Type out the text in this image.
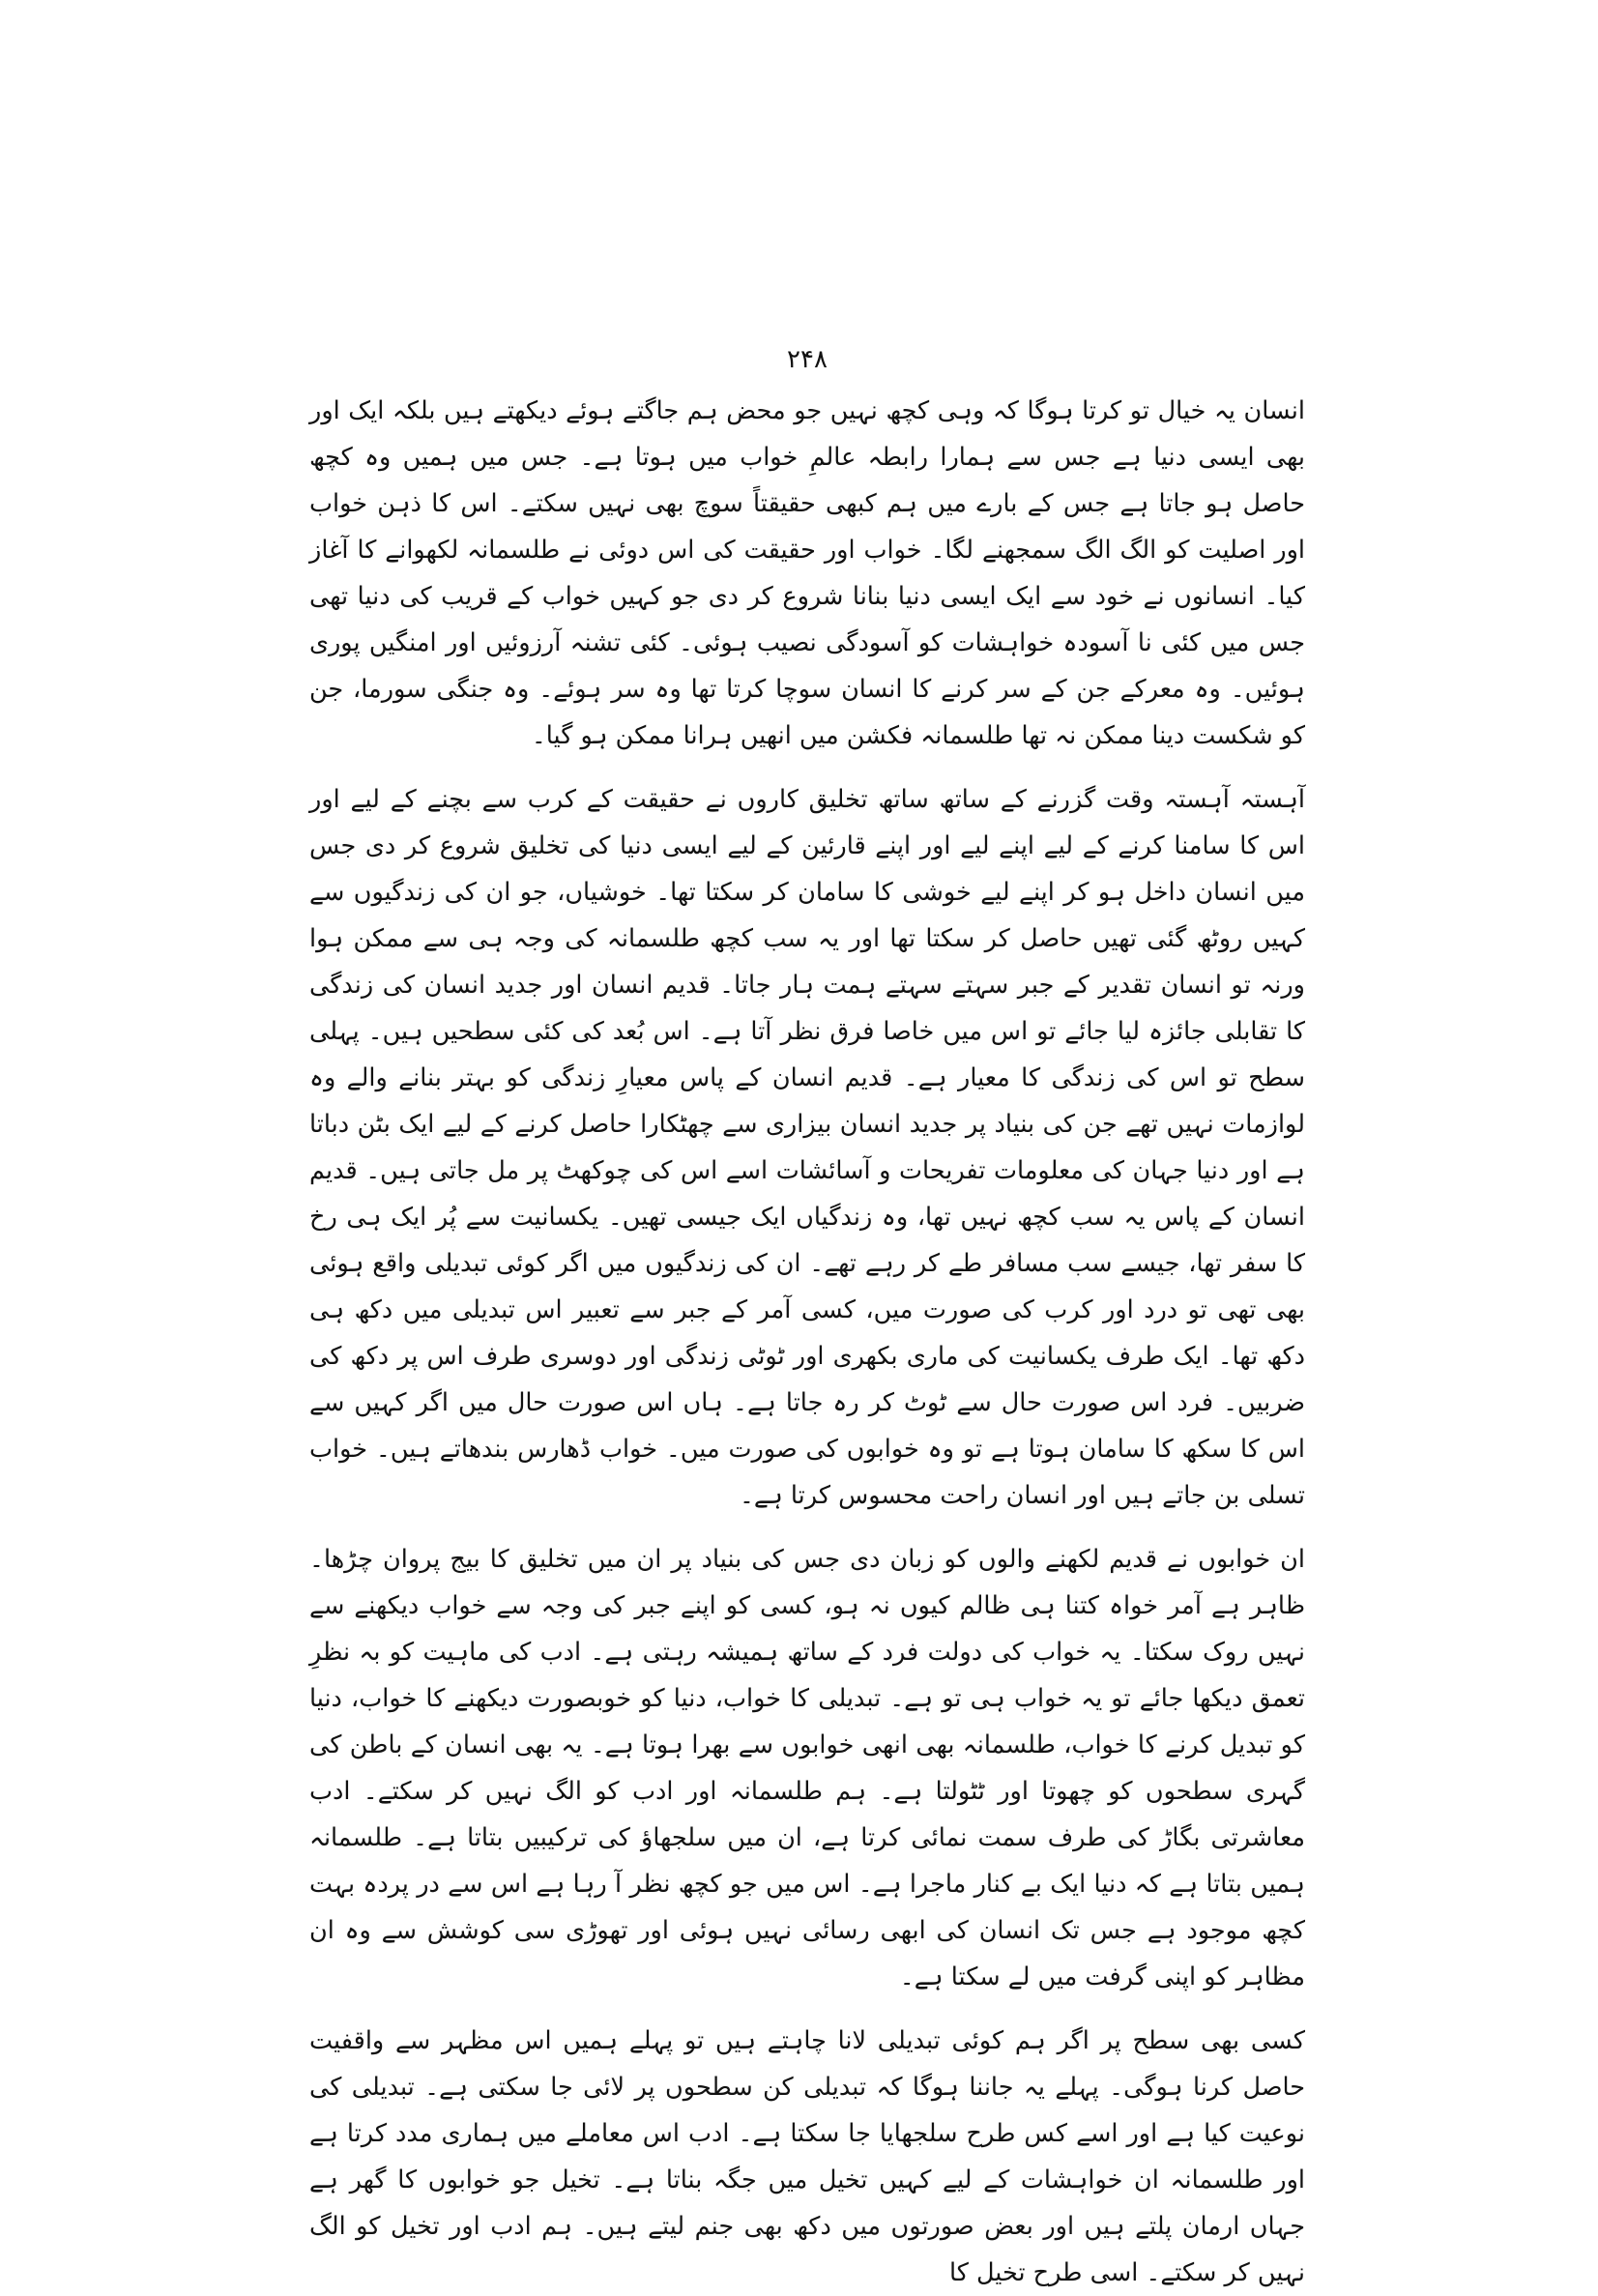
۲۴۸

انسان یہ خیال تو کرتا ہوگا کہ وہی کچھ نہیں جو محض ہم جاگتے ہوئے دیکھتے ہیں بلکہ ایک اور بھی ایسی دنیا ہے جس سے ہمارا رابطہ عالمِ خواب میں ہوتا ہے۔ جس میں ہمیں وہ کچھ حاصل ہو جاتا ہے جس کے بارے میں ہم کبھی حقیقتاً سوچ بھی نہیں سکتے۔ اس کا ذہن خواب اور اصلیت کو الگ الگ سمجھنے لگا۔ خواب اور حقیقت کی اس دوئی نے طلسمانہ لکھوانے کا آغاز کیا۔ انسانوں نے خود سے ایک ایسی دنیا بنانا شروع کر دی جو کہیں خواب کے قریب کی دنیا تھی جس میں کئی نا آسودہ خواہشات کو آسودگی نصیب ہوئی۔ کئی تشنہ آرزوئیں اور امنگیں پوری ہوئیں۔ وہ معرکے جن کے سر کرنے کا انسان سوچا کرتا تھا وہ سر ہوئے۔ وہ جنگی سورما، جن کو شکست دینا ممکن نہ تھا طلسمانہ فکشن میں انھیں ہرانا ممکن ہو گیا۔

آہستہ آہستہ وقت گزرنے کے ساتھ ساتھ تخلیق کاروں نے حقیقت کے کرب سے بچنے کے لیے اور اس کا سامنا کرنے کے لیے اپنے لیے اور اپنے قارئین کے لیے ایسی دنیا کی تخلیق شروع کر دی جس میں انسان داخل ہو کر اپنے لیے خوشی کا سامان کر سکتا تھا۔ خوشیاں، جو ان کی زندگیوں سے کہیں روٹھ گئی تھیں حاصل کر سکتا تھا اور یہ سب کچھ طلسمانہ کی وجہ ہی سے ممکن ہوا ورنہ تو انسان تقدیر کے جبر سہتے سہتے ہمت ہار جاتا۔ قدیم انسان اور جدید انسان کی زندگی کا تقابلی جائزہ لیا جائے تو اس میں خاصا فرق نظر آتا ہے۔ اس بُعد کی کئی سطحیں ہیں۔ پہلی سطح تو اس کی زندگی کا معیار ہے۔ قدیم انسان کے پاس معیارِ زندگی کو بہتر بنانے والے وہ لوازمات نہیں تھے جن کی بنیاد پر جدید انسان بیزاری سے چھٹکارا حاصل کرنے کے لیے ایک بٹن دباتا ہے اور دنیا جہان کی معلومات تفریحات و آسائشات اسے اس کی چوکھٹ پر مل جاتی ہیں۔ قدیم انسان کے پاس یہ سب کچھ نہیں تھا، وہ زندگیاں ایک جیسی تھیں۔ یکسانیت سے پُر ایک ہی رخ کا سفر تھا، جیسے سب مسافر طے کر رہے تھے۔ ان کی زندگیوں میں اگر کوئی تبدیلی واقع ہوئی بھی تھی تو درد اور کرب کی صورت میں، کسی آمر کے جبر سے تعبیر اس تبدیلی میں دکھ ہی دکھ تھا۔ ایک طرف یکسانیت کی ماری بکھری اور ٹوٹی زندگی اور دوسری طرف اس پر دکھ کی ضربیں۔ فرد اس صورت حال سے ٹوٹ کر رہ جاتا ہے۔ ہاں اس صورت حال میں اگر کہیں سے اس کا سکھ کا سامان ہوتا ہے تو وہ خوابوں کی صورت میں۔ خواب ڈھارس بندھاتے ہیں۔ خواب تسلی بن جاتے ہیں اور انسان راحت محسوس کرتا ہے۔

ان خوابوں نے قدیم لکھنے والوں کو زبان دی جس کی بنیاد پر ان میں تخلیق کا بیج پروان چڑھا۔ ظاہر ہے آمر خواہ کتنا ہی ظالم کیوں نہ ہو، کسی کو اپنے جبر کی وجہ سے خواب دیکھنے سے نہیں روک سکتا۔ یہ خواب کی دولت فرد کے ساتھ ہمیشہ رہتی ہے۔ ادب کی ماہیت کو بہ نظرِ تعمق دیکھا جائے تو یہ خواب ہی تو ہے۔ تبدیلی کا خواب، دنیا کو خوبصورت دیکھنے کا خواب، دنیا کو تبدیل کرنے کا خواب، طلسمانہ بھی انھی خوابوں سے بھرا ہوتا ہے۔ یہ بھی انسان کے باطن کی گہری سطحوں کو چھوتا اور ٹٹولتا ہے۔ ہم طلسمانہ اور ادب کو الگ نہیں کر سکتے۔ ادب معاشرتی بگاڑ کی طرف سمت نمائی کرتا ہے، ان میں سلجھاؤ کی ترکیبیں بتاتا ہے۔ طلسمانہ ہمیں بتاتا ہے کہ دنیا ایک بے کنار ماجرا ہے۔ اس میں جو کچھ نظر آ رہا ہے اس سے در پردہ بہت کچھ موجود ہے جس تک انسان کی ابھی رسائی نہیں ہوئی اور تھوڑی سی کوشش سے وہ ان مظاہر کو اپنی گرفت میں لے سکتا ہے۔

کسی بھی سطح پر اگر ہم کوئی تبدیلی لانا چاہتے ہیں تو پہلے ہمیں اس مظہر سے واقفیت حاصل کرنا ہوگی۔ پہلے یہ جاننا ہوگا کہ تبدیلی کن سطحوں پر لائی جا سکتی ہے۔ تبدیلی کی نوعیت کیا ہے اور اسے کس طرح سلجھایا جا سکتا ہے۔ ادب اس معاملے میں ہماری مدد کرتا ہے اور طلسمانہ ان خواہشات کے لیے کہیں تخیل میں جگہ بناتا ہے۔ تخیل جو خوابوں کا گھر ہے جہاں ارمان پلتے ہیں اور بعض صورتوں میں دکھ بھی جنم لیتے ہیں۔ ہم ادب اور تخیل کو الگ نہیں کر سکتے۔ اسی طرح تخیل کا
